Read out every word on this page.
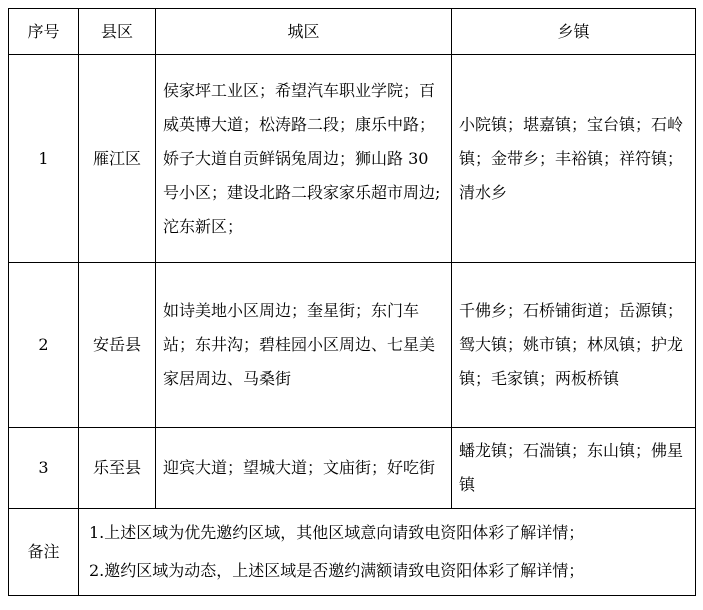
序号	县区	城区	乡镇
1	雁江区	侯家坪工业区；希望汽车职业学院；百威英博大道；松涛路二段；康乐中路；娇子大道自贡鲜锅兔周边；狮山路 30 号小区；建设北路二段家家乐超市周边;沱东新区；	小院镇；堪嘉镇；宝台镇；石岭镇；金带乡；丰裕镇；祥符镇；清水乡
2	安岳县	如诗美地小区周边；奎星街；东门车站；东井沟；碧桂园小区周边、七星美家居周边、马桑街	千佛乡；石桥铺街道；岳源镇；鸳大镇；姚市镇；林凤镇；护龙镇；毛家镇；两板桥镇
3	乐至县	迎宾大道；望城大道；文庙街；好吃街	蟠龙镇；石湍镇；东山镇；佛星镇
备注	1.上述区域为优先邀约区域，其他区域意向请致电资阳体彩了解详情；
2.邀约区域为动态，上述区域是否邀约满额请致电资阳体彩了解详情；		
